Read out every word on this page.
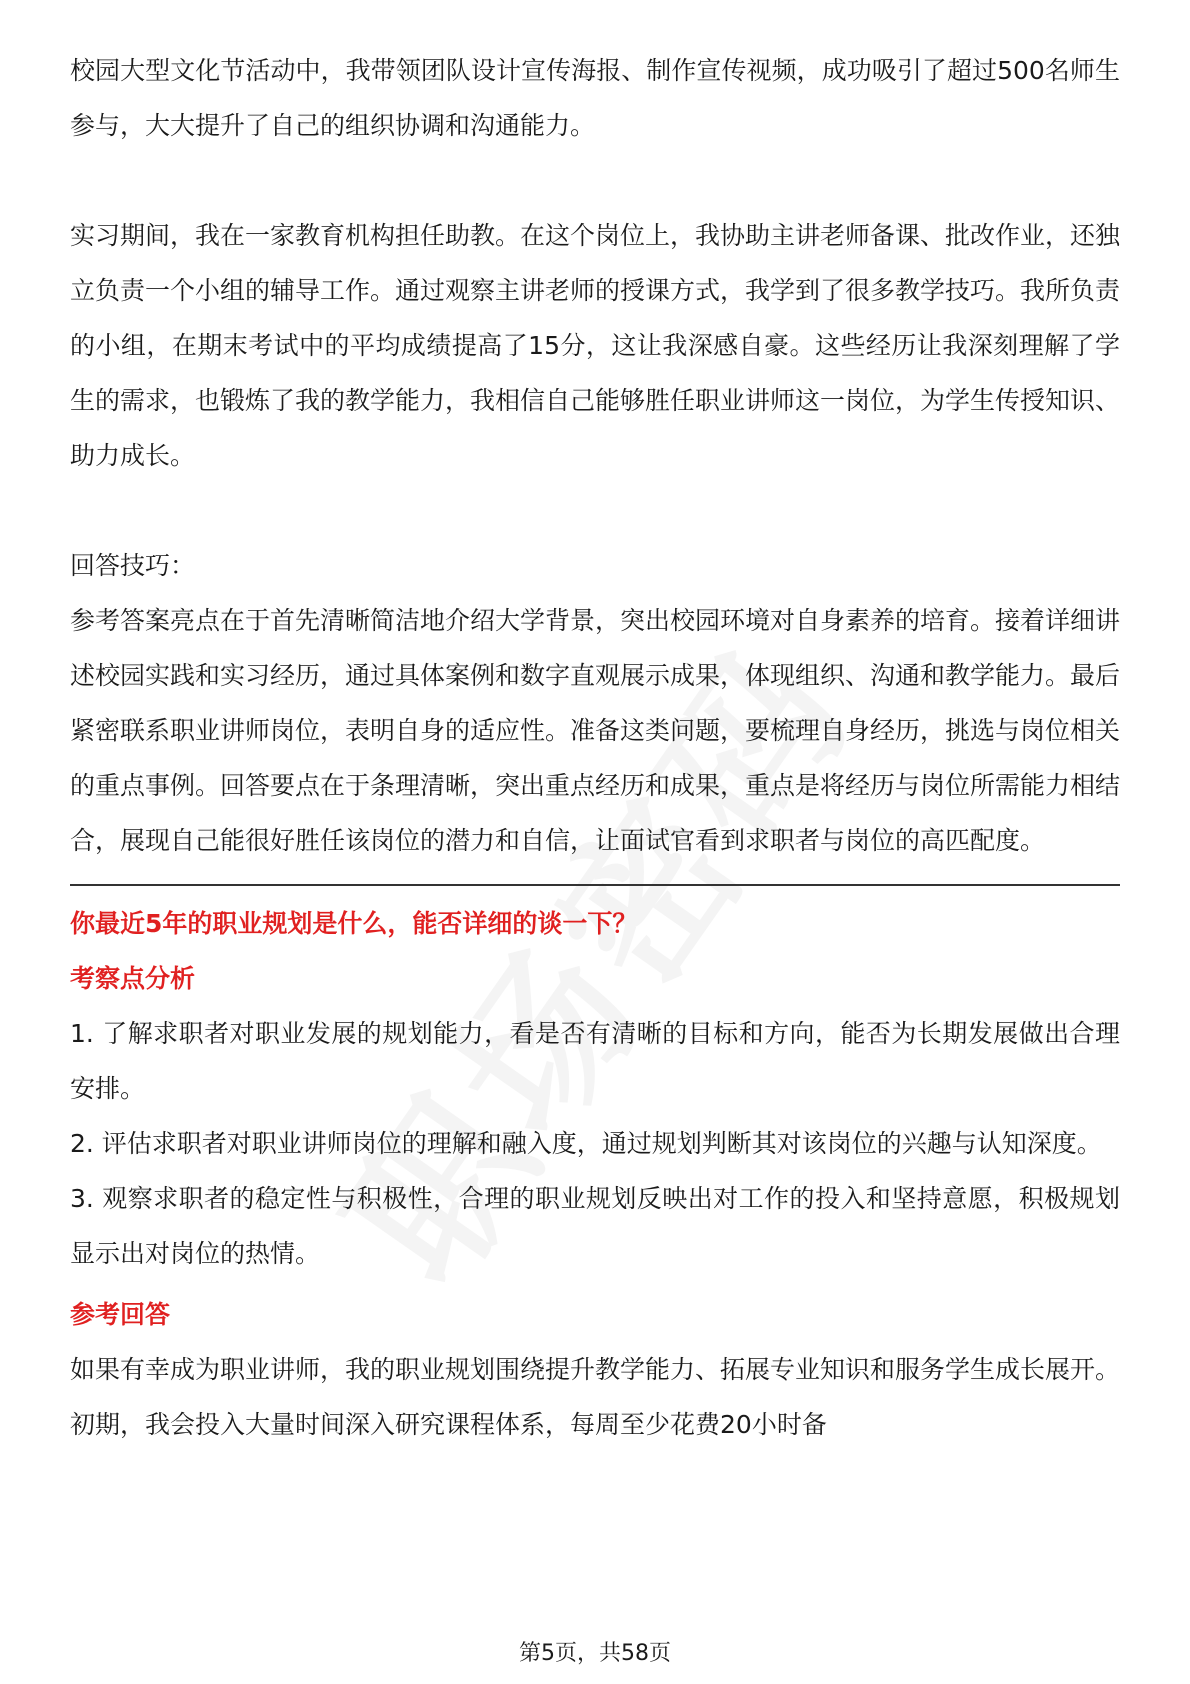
校园大型文化节活动中，我带领团队设计宣传海报、制作宣传视频，成功吸引了超过500名师生参与，大大提升了自己的组织协调和沟通能力。

实习期间，我在一家教育机构担任助教。在这个岗位上，我协助主讲老师备课、批改作业，还独立负责一个小组的辅导工作。通过观察主讲老师的授课方式，我学到了很多教学技巧。我所负责的小组，在期末考试中的平均成绩提高了15分，这让我深感自豪。这些经历让我深刻理解了学生的需求，也锻炼了我的教学能力，我相信自己能够胜任职业讲师这一岗位，为学生传授知识、助力成长。

回答技巧：

参考答案亮点在于首先清晰简洁地介绍大学背景，突出校园环境对自身素养的培育。接着详细讲述校园实践和实习经历，通过具体案例和数字直观展示成果，体现组织、沟通和教学能力。最后紧密联系职业讲师岗位，表明自身的适应性。准备这类问题，要梳理自身经历，挑选与岗位相关的重点事例。回答要点在于条理清晰，突出重点经历和成果，重点是将经历与岗位所需能力相结合，展现自己能很好胜任该岗位的潜力和自信，让面试官看到求职者与岗位的高匹配度。

你最近5年的职业规划是什么，能否详细的谈一下？

考察点分析

1. 了解求职者对职业发展的规划能力，看是否有清晰的目标和方向，能否为长期发展做出合理安排。

2. 评估求职者对职业讲师岗位的理解和融入度，通过规划判断其对该岗位的兴趣与认知深度。

3. 观察求职者的稳定性与积极性，合理的职业规划反映出对工作的投入和坚持意愿，积极规划显示出对岗位的热情。

参考回答

如果有幸成为职业讲师，我的职业规划围绕提升教学能力、拓展专业知识和服务学生成长展开。初期，我会投入大量时间深入研究课程体系，每周至少花费20小时备

第5页，共58页
